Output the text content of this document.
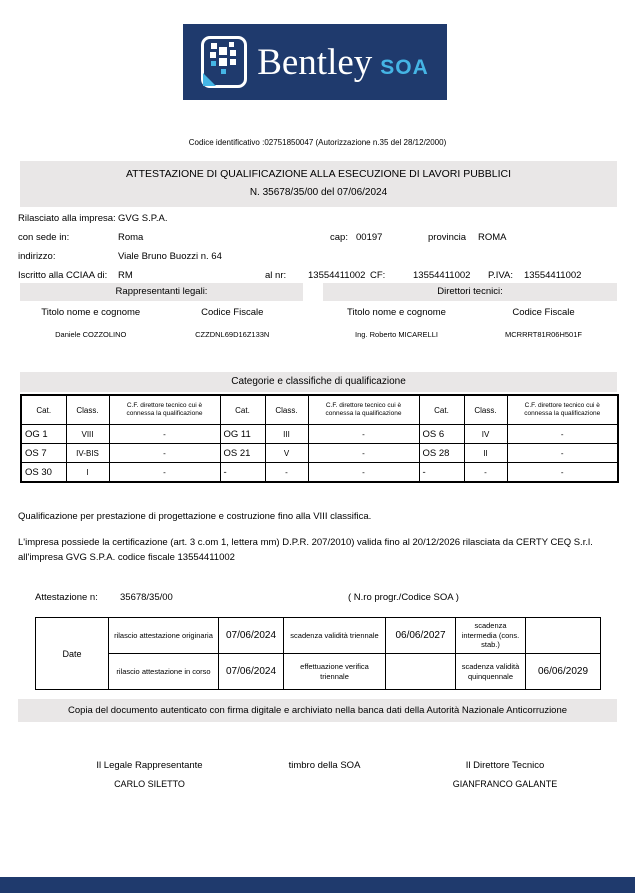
Bentley SOA
Codice identificativo :02751850047 (Autorizzazione n.35 del 28/12/2000)
ATTESTAZIONE DI QUALIFICAZIONE ALLA ESECUZIONE DI LAVORI PUBBLICI
N. 35678/35/00 del 07/06/2024
Rilasciato alla impresa: GVG S.P.A.
con sede in:	Roma	cap: 00197	provincia ROMA
indirizzo:	Viale Bruno Buozzi n. 64
Iscritto alla CCIAA di: RM	al nr: 13554411002 CF:	13554411002 P.IVA: 13554411002
Rappresentanti legali:
Titolo nome e cognome	Codice Fiscale
Daniele COZZOLINO	CZZDNL69D16Z133N
Direttori tecnici:
Titolo nome e cognome	Codice Fiscale
Ing. Roberto MICARELLI	MCRRRT81R06H501F
Categorie e classifiche di qualificazione
Cat.	Class.	C.F. direttore tecnico cui è connessa la qualificazione	Cat.	Class.	C.F. direttore tecnico cui è connessa la qualificazione	Cat.	Class.	C.F. direttore tecnico cui è connessa la qualificazione
OG 1	VIII	-	OG 11	III	-	OS 6	IV	-
OS 7	IV-BIS	-	OS 21	V	-	OS 28	II	-
OS 30	I	-	-	-	-	-	-	-
Qualificazione per prestazione di progettazione e costruzione fino alla VIII classifica.
L'impresa possiede la certificazione (art. 3 c.om 1, lettera mm) D.P.R. 207/2010) valida fino al 20/12/2026 rilasciata da CERTY CEQ S.r.l. all'impresa GVG S.P.A. codice fiscale 13554411002
Attestazione n: 35678/35/00	( N.ro progr./Codice SOA )
Date	rilascio attestazione originaria	07/06/2024	scadenza validità triennale	06/06/2027	scadenza intermedia (cons. stab.)	
	rilascio attestazione in corso	07/06/2024	effettuazione verifica triennale		scadenza validità quinquennale	06/06/2029
Copia del documento autenticato con firma digitale e archiviato nella banca dati della Autorità Nazionale Anticorruzione
Il Legale Rappresentante
CARLO SILETTO
timbro della SOA	Il Direttore Tecnico
GIANFRANCO GALANTE
